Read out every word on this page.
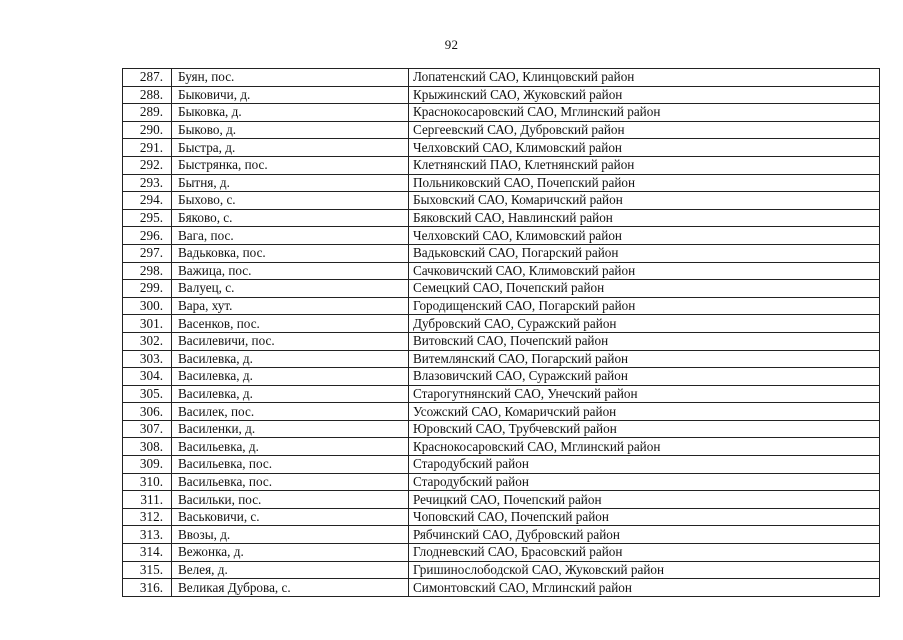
92
287.	Буян, пос.	Лопатенский САО, Клинцовский район
288.	Быковичи, д.	Крыжинский САО, Жуковский район
289.	Быковка, д.	Краснокосаровский САО, Мглинский район
290.	Быково, д.	Сергеевский САО, Дубровский район
291.	Быстра, д.	Челховский САО, Климовский район
292.	Быстрянка, пос.	Клетнянский ПАО, Клетнянский район
293.	Бытня, д.	Польниковский САО, Почепский район
294.	Быхово, с.	Быховский САО, Комаричский район
295.	Бяково, с.	Бяковский САО, Навлинский район
296.	Вага, пос.	Челховский САО, Климовский район
297.	Вадьковка, пос.	Вадьковский САО, Погарский район
298.	Важица, пос.	Сачковичский САО, Климовский район
299.	Валуец, с.	Семецкий САО, Почепский район
300.	Вара, хут.	Городищенский САО, Погарский район
301.	Васенков, пос.	Дубровский САО, Суражский район
302.	Василевичи, пос.	Витовский САО, Почепский район
303.	Василевка, д.	Витемлянский САО, Погарский район
304.	Василевка, д.	Влазовичский САО, Суражский район
305.	Василевка, д.	Старогутнянский САО, Унечский район
306.	Василек, пос.	Усожский САО, Комаричский район
307.	Василенки, д.	Юровский САО, Трубчевский район
308.	Васильевка, д.	Краснокосаровский САО, Мглинский район
309.	Васильевка, пос.	Стародубский район
310.	Васильевка, пос.	Стародубский район
311.	Васильки, пос.	Речицкий САО, Почепский район
312.	Васьковичи, с.	Чоповский САО, Почепский район
313.	Ввозы, д.	Рябчинский САО, Дубровский район
314.	Вежонка, д.	Глодневский САО, Брасовский район
315.	Велея, д.	Гришинослободской САО, Жуковский район
316.	Великая Дуброва, с.	Симонтовский САО, Мглинский район
